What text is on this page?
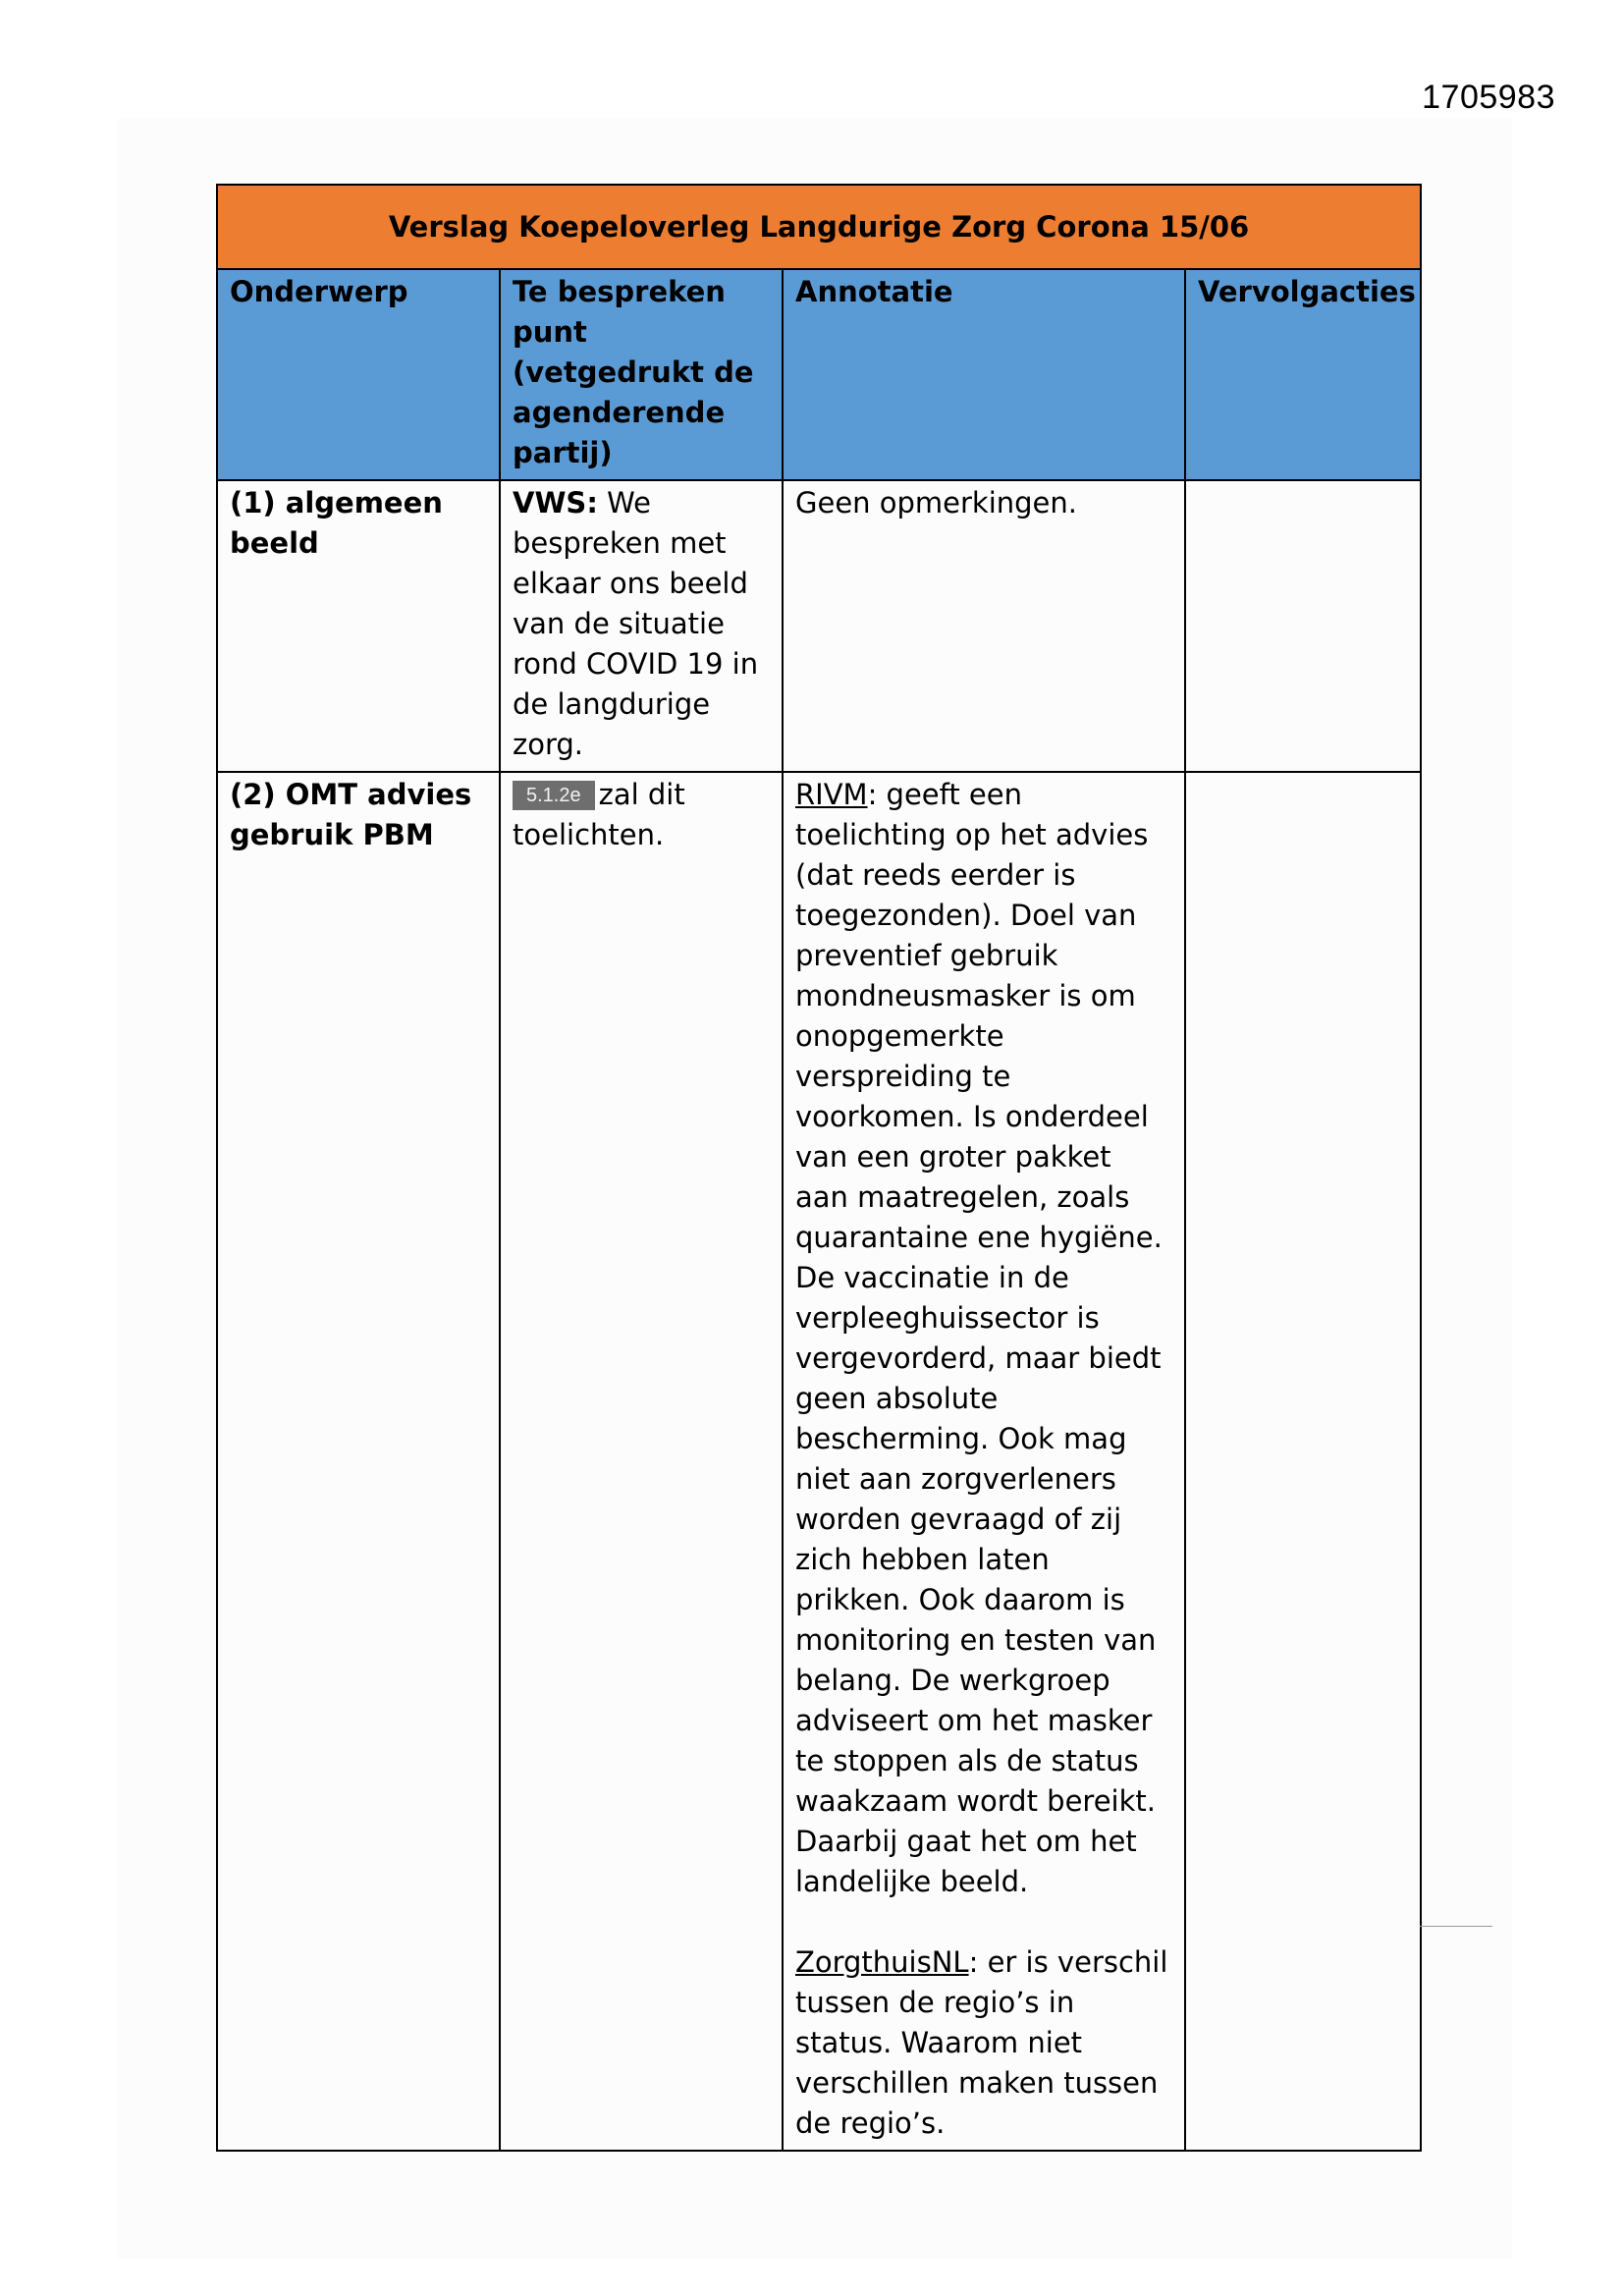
1705983
Verslag Koepeloverleg Langdurige Zorg Corona 15/06			
Onderwerp	Te bespreken punt (vetgedrukt de agenderende partij)	Annotatie	Vervolgacties
(1) algemeen beeld	VWS: We bespreken met elkaar ons beeld van de situatie rond COVID 19 in de langdurige zorg.	Geen opmerkingen.	
(2) OMT advies gebruik PBM	5.1.2e zal dit toelichten.	RIVM: geeft een toelichting op het advies (dat reeds eerder is toegezonden). Doel van preventief gebruik mondneusmasker is om onopgemerkte verspreiding te voorkomen. Is onderdeel van een groter pakket aan maatregelen, zoals quarantaine ene hygiëne. De vaccinatie in de verpleeghuissector is vergevorderd, maar biedt geen absolute bescherming. Ook mag niet aan zorgverleners worden gevraagd of zij zich hebben laten prikken. Ook daarom is monitoring en testen van belang. De werkgroep adviseert om het masker te stoppen als de status waakzaam wordt bereikt. Daarbij gaat het om het landelijke beeld.
ZorgthuisNL: er is verschil tussen de regio’s in status. Waarom niet verschillen maken tussen de regio’s.	
